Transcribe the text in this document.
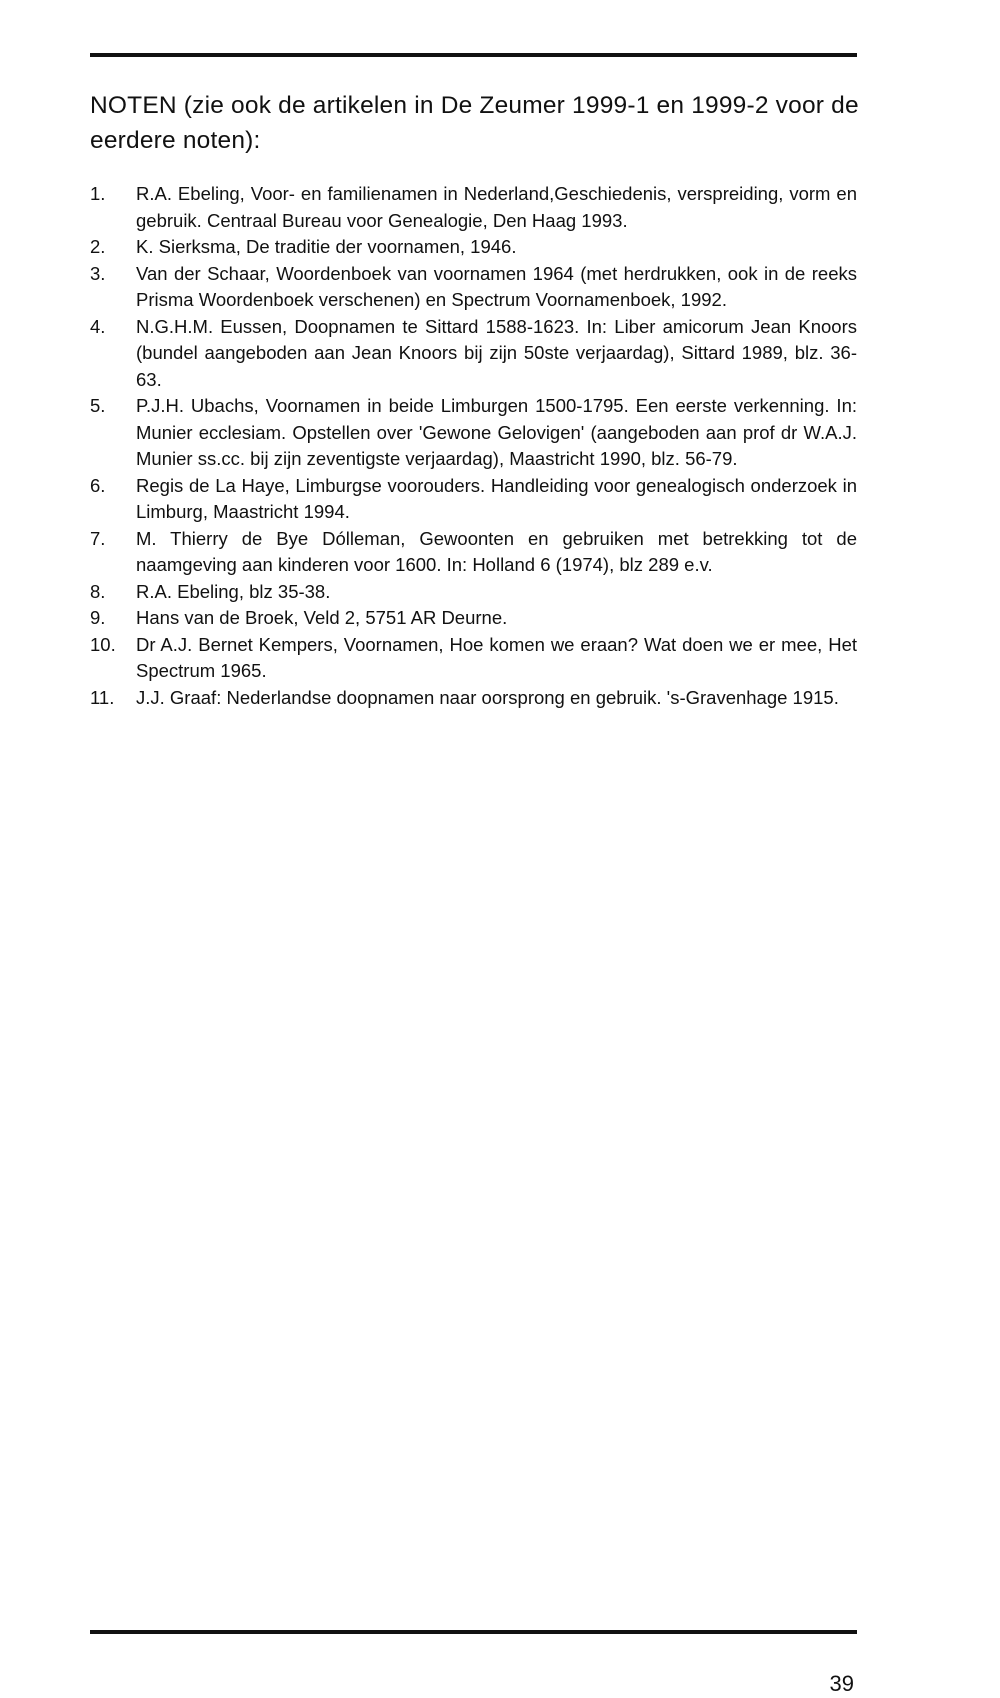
NOTEN (zie ook de artikelen in De Zeumer 1999-1 en 1999-2 voor de eerdere noten):
1.	R.A. Ebeling, Voor- en familienamen in Nederland,Geschiedenis, verspreiding, vorm en gebruik. Centraal Bureau voor Genealogie, Den Haag 1993.
2.	K. Sierksma, De traditie der voornamen, 1946.
3.	Van der Schaar, Woordenboek van voornamen 1964 (met herdrukken, ook in de reeks Prisma Woordenboek verschenen) en Spectrum Voornamenboek, 1992.
4.	N.G.H.M. Eussen, Doopnamen te Sittard 1588-1623. In: Liber amicorum Jean Knoors (bundel aangeboden aan Jean Knoors bij zijn 50ste verjaardag), Sittard 1989, blz. 36-63.
5.	P.J.H. Ubachs, Voornamen in beide Limburgen 1500-1795. Een eerste verkenning. In: Munier ecclesiam. Opstellen over 'Gewone Gelovigen' (aangeboden aan prof dr W.A.J. Munier ss.cc. bij zijn zeventigste verjaardag), Maastricht 1990, blz. 56-79.
6.	Regis de La Haye, Limburgse voorouders. Handleiding voor genealogisch onderzoek in Limburg, Maastricht 1994.
7.	M. Thierry de Bye Dólleman, Gewoonten en gebruiken met betrekking tot de naamgeving aan kinderen voor 1600. In: Holland 6 (1974), blz 289 e.v.
8.	R.A. Ebeling, blz 35-38.
9.	Hans van de Broek, Veld 2, 5751 AR Deurne.
10.	Dr A.J. Bernet Kempers, Voornamen, Hoe komen we eraan? Wat doen we er mee, Het Spectrum 1965.
11.	J.J. Graaf: Nederlandse doopnamen naar oorsprong en gebruik. 's-Gravenhage 1915.
39
